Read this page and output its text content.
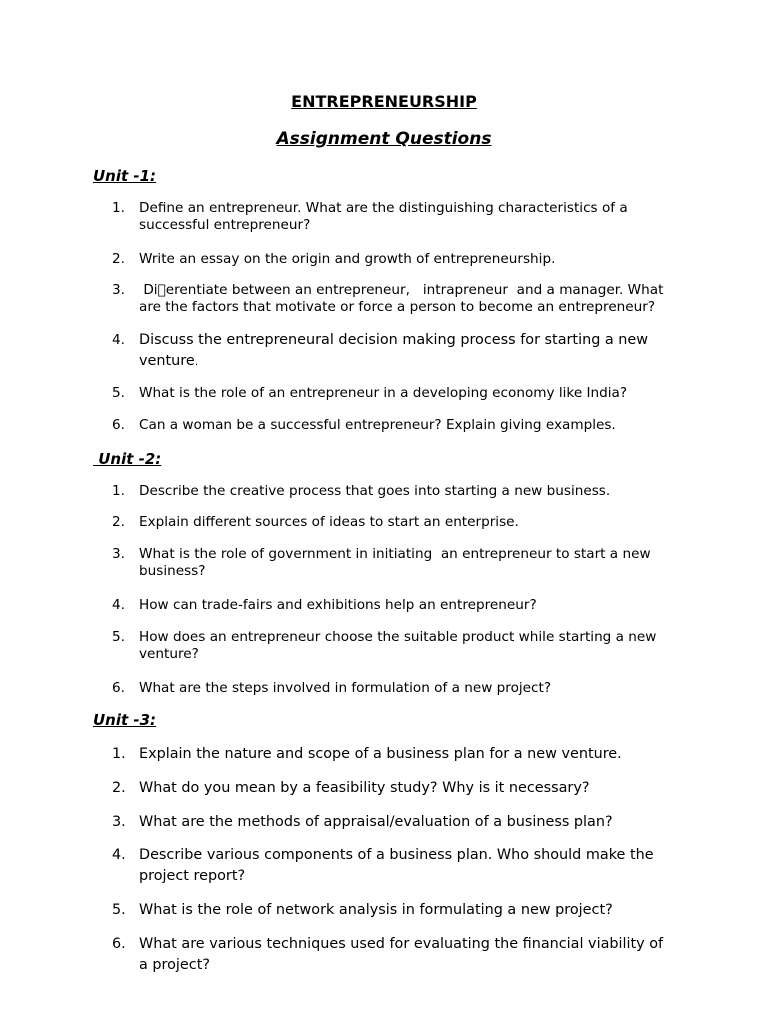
ENTREPRENEURSHIP
Assignment Questions
Unit -1:
1.	Define an entrepreneur. What are the distinguishing characteristics of a successful entrepreneur?
2.	Write an essay on the origin and growth of entrepreneurship.
3.	Di erentiate between an entrepreneur,   intrapreneur  and a manager. What are the factors that motivate or force a person to become an entrepreneur?
4. Discuss the entrepreneural decision making process for starting a new venture.
5.	What is the role of an entrepreneur in a developing economy like India?
6.	Can a woman be a successful entrepreneur? Explain giving examples.
Unit -2:
1.	Describe the creative process that goes into starting a new business.
2.	Explain different sources of ideas to start an enterprise.
3.	What is the role of government in initiating  an entrepreneur to start a new business?
4.	How can trade-fairs and exhibitions help an entrepreneur?
5.	How does an entrepreneur choose the suitable product while starting a new venture?
6.	What are the steps involved in formulation of a new project?
Unit -3:
1. Explain the nature and scope of a business plan for a new venture.
2. What do you mean by a feasibility study? Why is it necessary?
3. What are the methods of appraisal/evaluation of a business plan?
4. Describe various components of a business plan. Who should make the project report?
5. What is the role of network analysis in formulating a new project?
6. What are various techniques used for evaluating the financial viability of a project?
